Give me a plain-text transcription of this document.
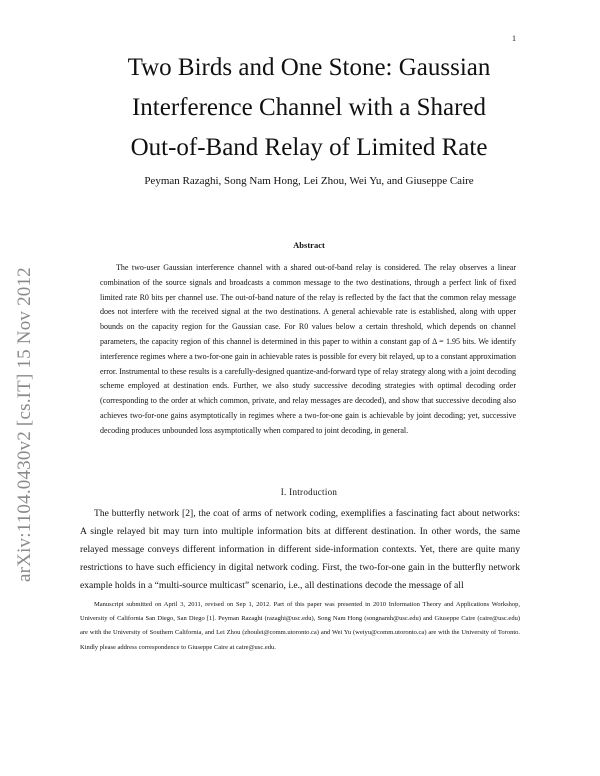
1
arXiv:1104.0430v2 [cs.IT] 15 Nov 2012
Two Birds and One Stone: Gaussian
Interference Channel with a Shared
Out-of-Band Relay of Limited Rate
Peyman Razaghi, Song Nam Hong, Lei Zhou, Wei Yu, and Giuseppe Caire
Abstract
The two-user Gaussian interference channel with a shared out-of-band relay is considered. The relay observes a linear combination of the source signals and broadcasts a common message to the two destinations, through a perfect link of fixed limited rate R0 bits per channel use. The out-of-band nature of the relay is reflected by the fact that the common relay message does not interfere with the received signal at the two destinations. A general achievable rate is established, along with upper bounds on the capacity region for the Gaussian case. For R0 values below a certain threshold, which depends on channel parameters, the capacity region of this channel is determined in this paper to within a constant gap of Δ = 1.95 bits. We identify interference regimes where a two-for-one gain in achievable rates is possible for every bit relayed, up to a constant approximation error. Instrumental to these results is a carefully-designed quantize-and-forward type of relay strategy along with a joint decoding scheme employed at destination ends. Further, we also study successive decoding strategies with optimal decoding order (corresponding to the order at which common, private, and relay messages are decoded), and show that successive decoding also achieves two-for-one gains asymptotically in regimes where a two-for-one gain is achievable by joint decoding; yet, successive decoding produces unbounded loss asymptotically when compared to joint decoding, in general.
I. Introduction
The butterfly network [2], the coat of arms of network coding, exemplifies a fascinating fact about networks: A single relayed bit may turn into multiple information bits at different destination. In other words, the same relayed message conveys different information in different side-information contexts. Yet, there are quite many restrictions to have such efficiency in digital network coding. First, the two-for-one gain in the butterfly network example holds in a “multi-source multicast” scenario, i.e., all destinations decode the message of all
Manuscript submitted on April 3, 2011, revised on Sep 1, 2012. Part of this paper was presented in 2010 Information Theory and Applications Workshop, University of California San Diego, San Diego [1]. Peyman Razaghi (razaghi@usc.edu), Song Nam Hong (songnamh@usc.edu) and Giuseppe Caire (caire@usc.edu) are with the University of Southern California, and Lei Zhou (zhoulei@comm.utoronto.ca) and Wei Yu (weiyu@comm.utoronto.ca) are with the University of Toronto. Kindly please address correspondence to Giuseppe Caire at caire@usc.edu.
